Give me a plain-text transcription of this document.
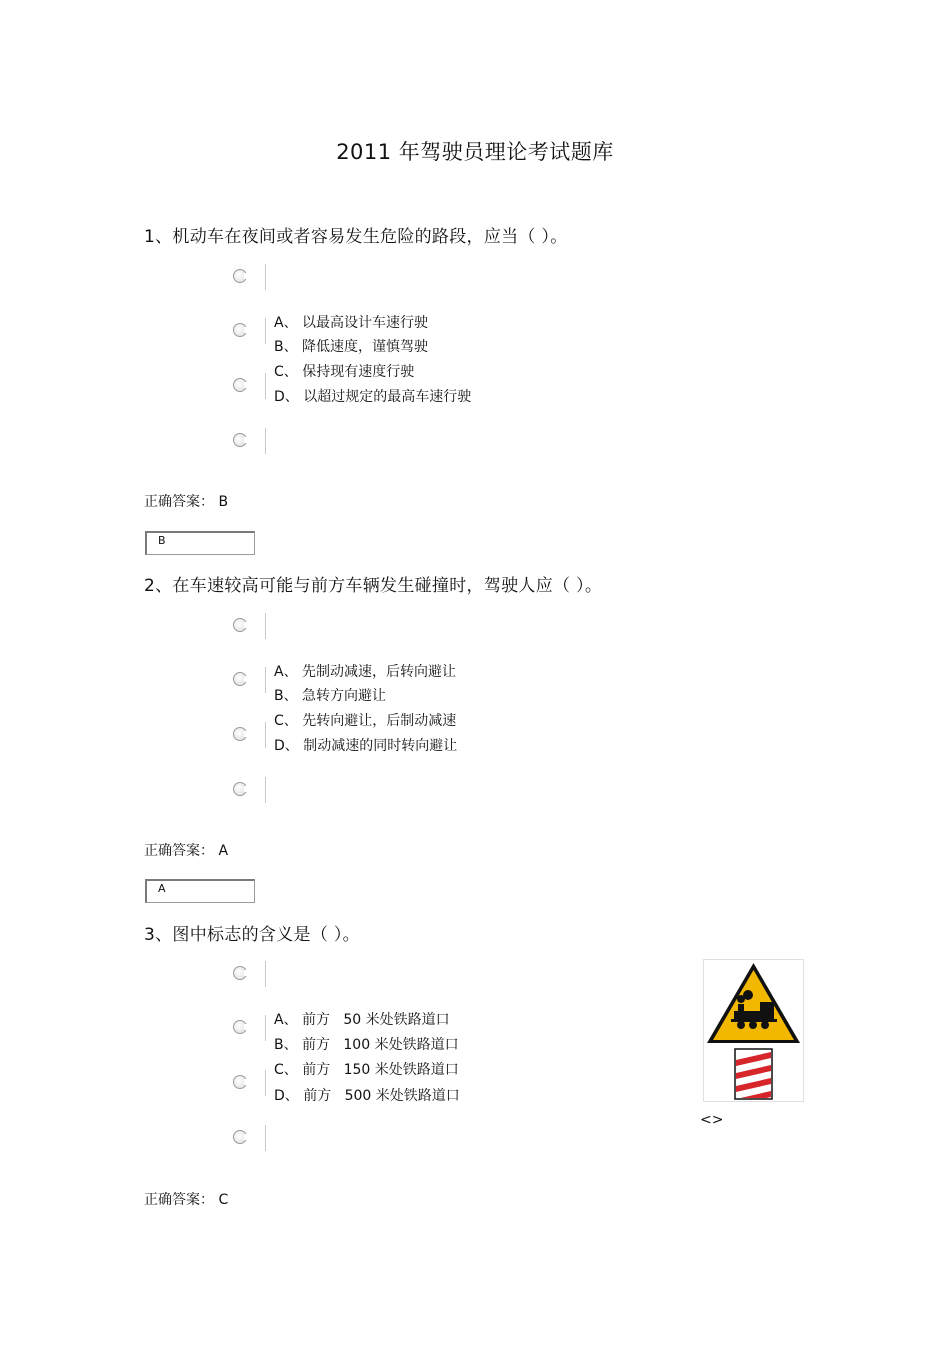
2011 年驾驶员理论考试题库
1、机动车在夜间或者容易发生危险的路段，应当（ ）。
A、 以最高设计车速行驶
B、 降低速度，谨慎驾驶
C、 保持现有速度行驶
D、 以超过规定的最高车速行驶
正确答案： B
B
2、在车速较高可能与前方车辆发生碰撞时，驾驶人应（ ）。
A、 先制动减速，后转向避让
B、 急转方向避让
C、 先转向避让，后制动减速
D、 制动减速的同时转向避让
正确答案： A
A
3、图中标志的含义是（ ）。
A、 前方   50 米处铁路道口
B、 前方   100 米处铁路道口
C、 前方   150 米处铁路道口
D、 前方   500 米处铁路道口
正确答案： C
<>
